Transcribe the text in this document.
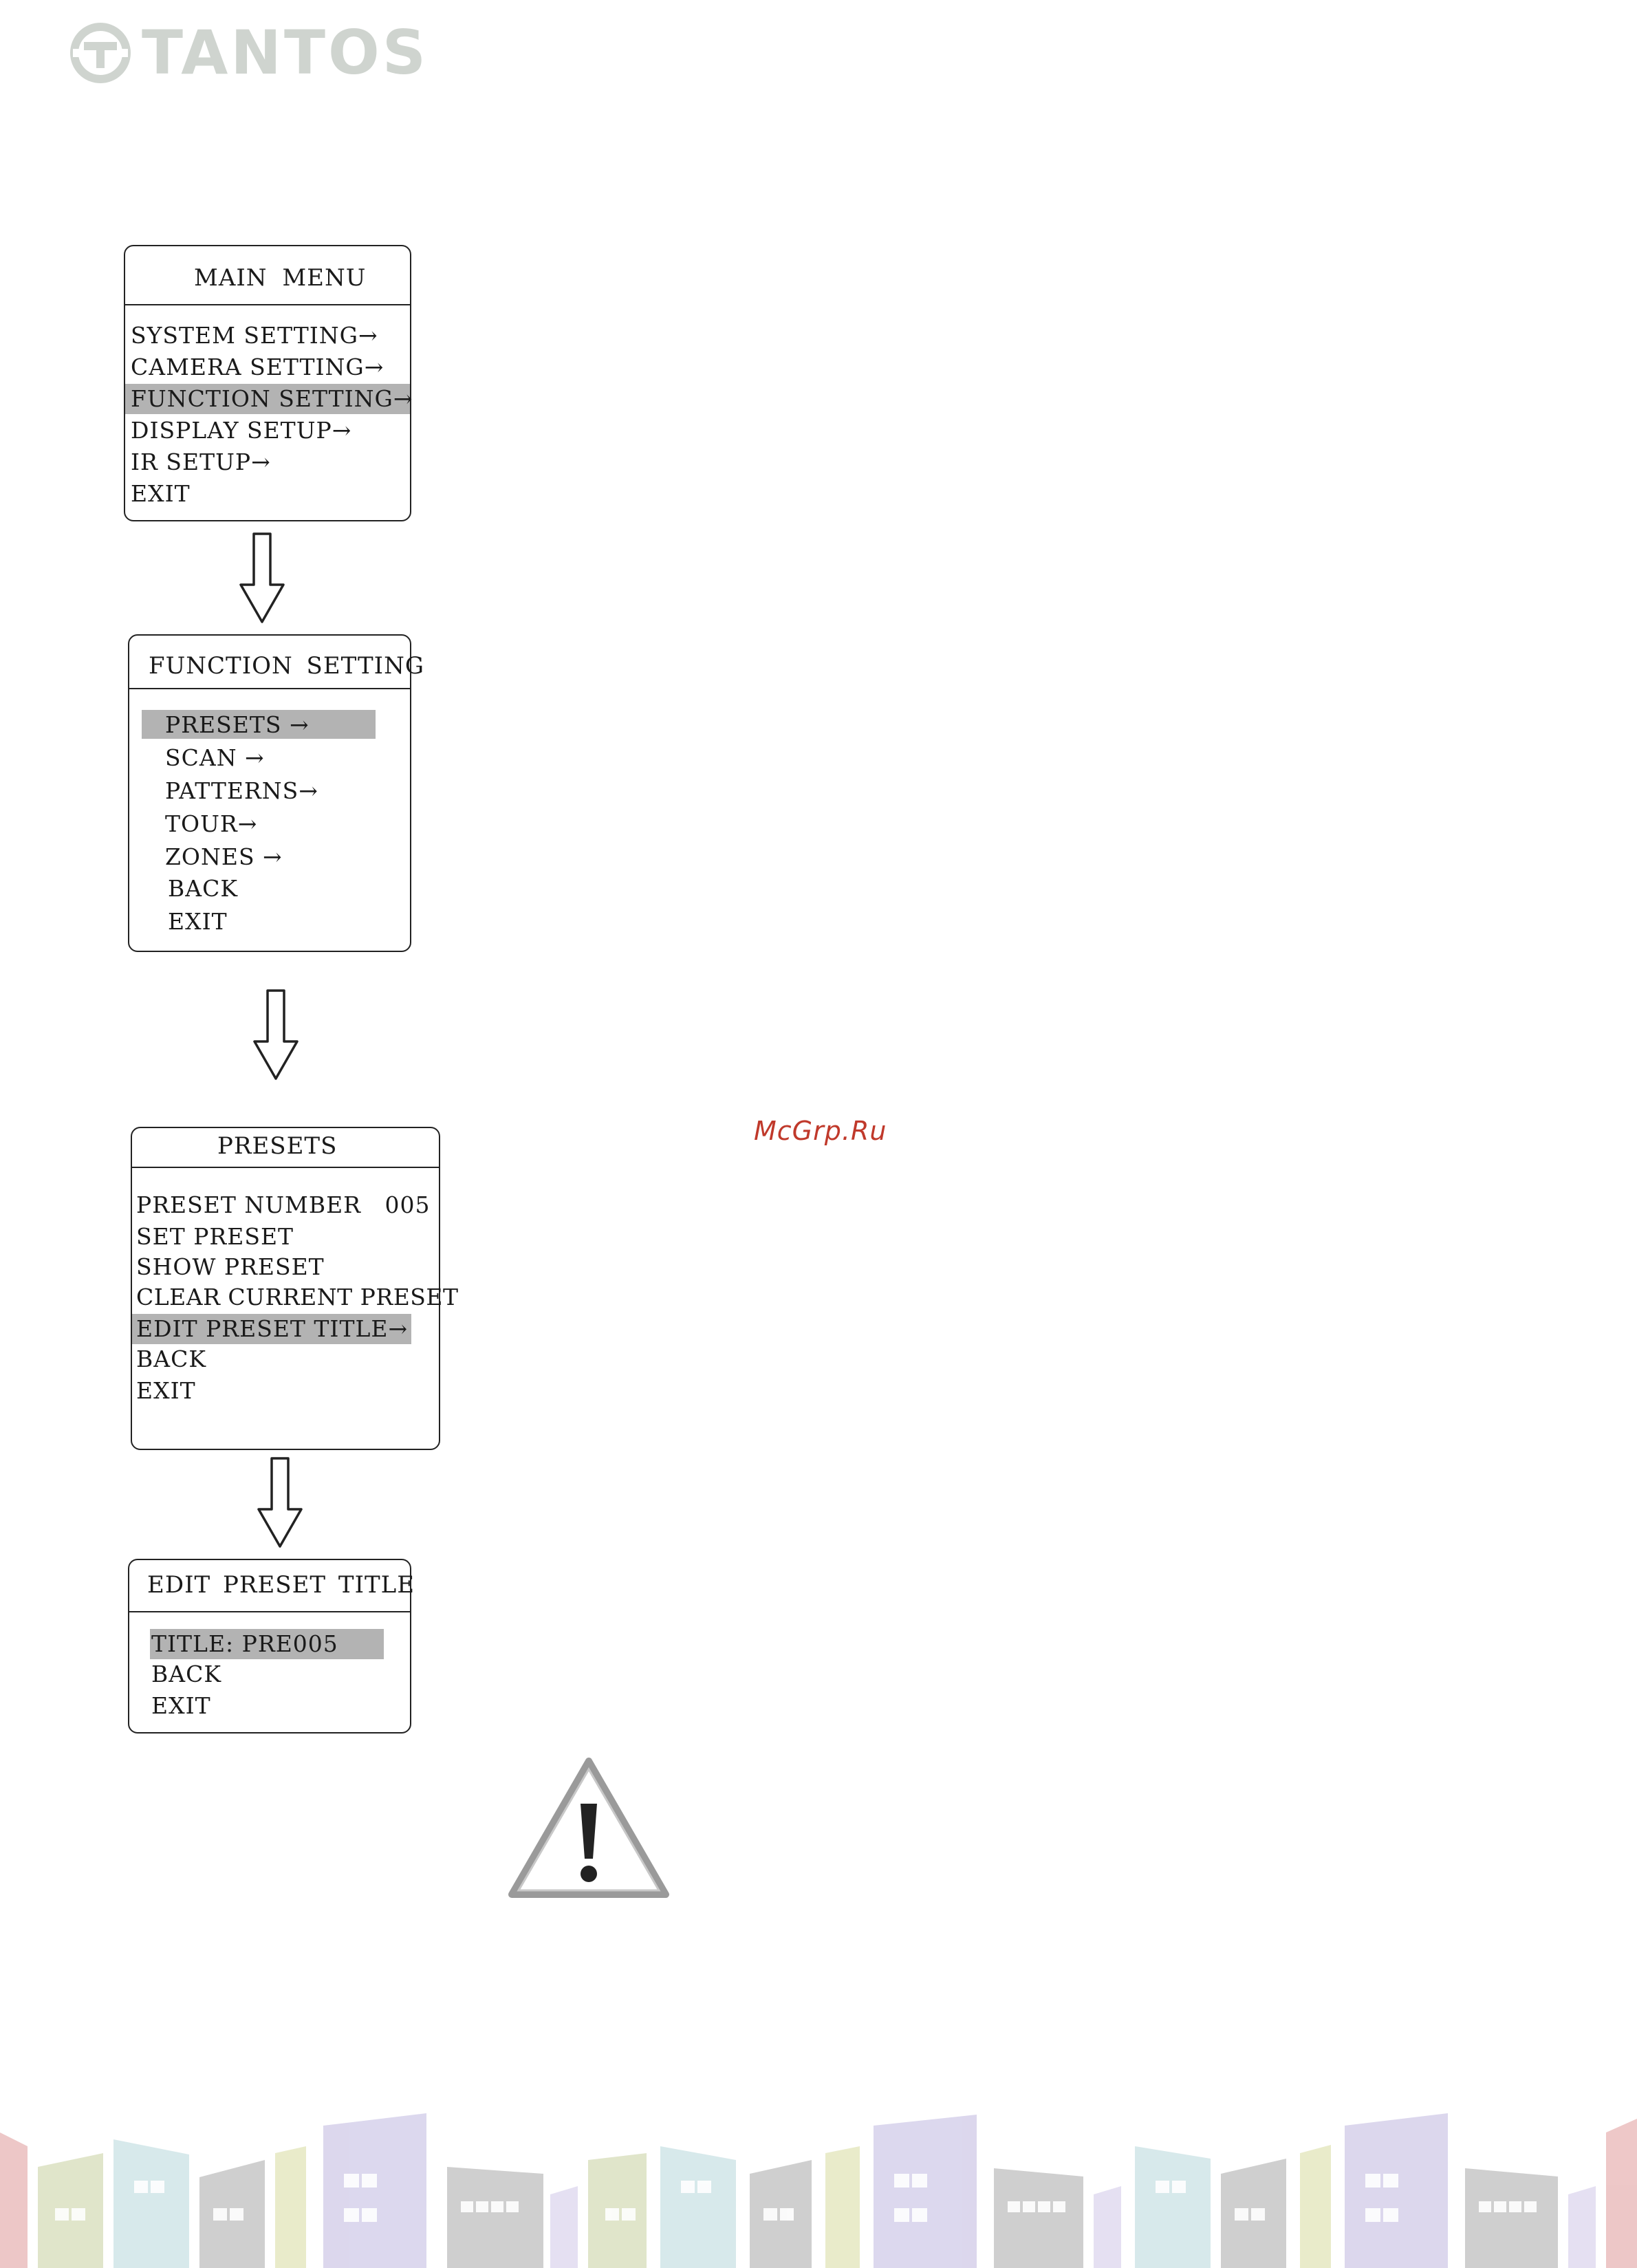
TANTOS
MAIN MENU
SYSTEM SETTING→
CAMERA SETTING→
FUNCTION SETTING→
DISPLAY SETUP→
IR SETUP→
EXIT
FUNCTION SETTING
PRESETS →
SCAN →
PATTERNS→
TOUR→
ZONES →
BACK
EXIT
PRESETS
PRESET NUMBER   005
SET PRESET
SHOW PRESET
CLEAR CURRENT PRESET
EDIT PRESET TITLE→
BACK
EXIT
EDIT PRESET TITLE
TITLE: PRE005
BACK
EXIT
McGrp.Ru
